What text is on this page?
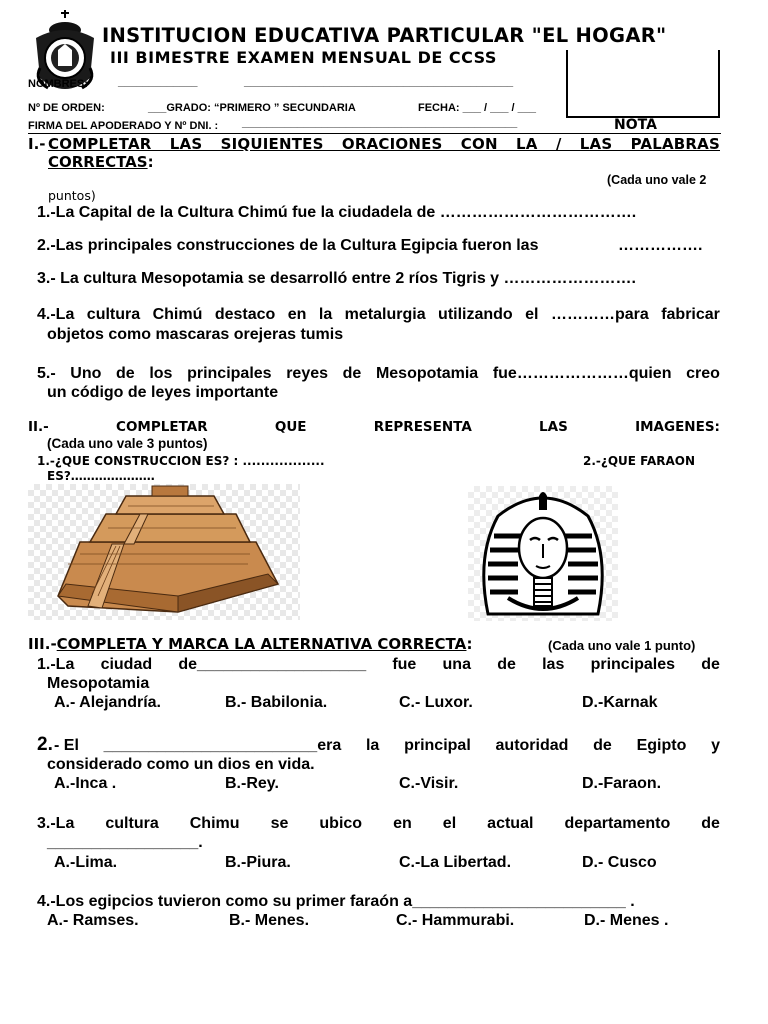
INSTITUCION EDUCATIVA PARTICULAR "EL HOGAR"
III BIMESTRE EXAMEN MENSUAL DE CCSS
NOMBRES:	_____________	____________________________________________
Nº DE ORDEN:	___GRADO: “PRIMERO ” SECUNDARIA	FECHA: ___ / ___ / ___
FIRMA DEL APODERADO Y Nº DNI. : _____________________________________________	NOTA
I.- COMPLETAR LAS SIQUIENTES ORACIONES CON LA / LAS PALABRAS
CORRECTAS:
(Cada uno vale 2
puntos)
1.-La Capital de la Cultura Chimú fue la ciudadela de ……………………………….
2.-Las principales construcciones de la Cultura Egipcia fueron las	…………….
3.- La cultura Mesopotamia se desarrolló entre 2 ríos Tigris y …………………….
4.-La cultura Chimú destaco en la metalurgia utilizando el …………para fabricar
objetos como mascaras orejeras tumis
5.- Uno de los principales reyes de Mesopotamia fue…………………quien creo
un código de leyes importante
II.-	COMPLETAR	QUE	REPRESENTA	LAS	IMAGENES:
(Cada uno vale 3 puntos)
1.-¿QUE CONSTRUCCION ES? : ..................	2.-¿QUE FARAON
ES?…………………
III.-COMPLETA Y MARCA LA ALTERNATIVA CORRECTA:	(Cada uno vale 1 punto)
1.-La ciudad de___________________ fue una de las principales de
Mesopotamia
A.- Alejandría.	B.- Babilonia.	C.- Luxor.	D.-Karnak
2. - El ________________________era la principal autoridad de Egipto y
considerado como un dios en vida.
A.-Inca .	B.-Rey.	C.-Visir.	D.-Faraon.
3.-La cultura Chimu se ubico en el actual departamento de
_________________.
A.-Lima.	B.-Piura.	C.-La Libertad.	D.- Cusco
4.-Los egipcios tuvieron como su primer faraón a________________________ .
A.- Ramses.	B.- Menes.	C.- Hammurabi.	D.- Menes .
